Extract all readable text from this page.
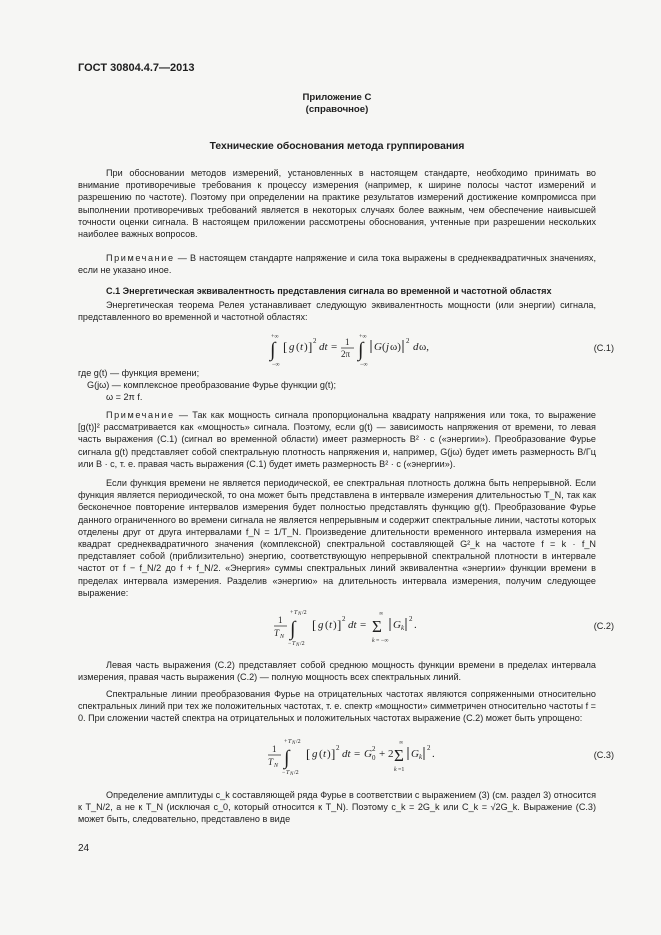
ГОСТ 30804.4.7—2013
Приложение С
(справочное)
Технические обоснования метода группирования
При обосновании методов измерений, установленных в настоящем стандарте, необходимо принимать во внимание противоречивые требования к процессу измерения (например, к ширине полосы частот измерений и разрешению по частоте). Поэтому при определении на практике результатов измерений достижение компромисса при выполнении противоречивых требований является в некоторых случаях более важным, чем обеспечение наивысшей точности оценки сигнала. В настоящем приложении рассмотрены обоснования, учтенные при разрешении нескольких наиболее важных вопросов.
Примечание — В настоящем стандарте напряжение и сила тока выражены в среднеквадратичных значениях, если не указано иное.
С.1 Энергетическая эквивалентность представления сигнала во временной и частотной областях
Энергетическая теорема Релея устанавливает следующую эквивалентность мощности (или энергии) сигнала, представленного во временной и частотной областях:
+∞
∫
−∞
[ g ( t ) ] 2 dt = 1
2π
+∞
∫
−∞
G ( j ω) 2 d ω,	(С.1)
где g(t) — функция времени;
G(jω) — комплексное преобразование Фурье функции g(t);
ω = 2π f.
Примечание — Так как мощность сигнала пропорциональна квадрату напряжения или тока, то выражение [g(t)]² рассматривается как «мощность» сигнала. Поэтому, если g(t) — зависимость напряжения от времени, то левая часть выражения (С.1) (сигнал во временной области) имеет размерность В² · с («энергии»). Преобразование Фурье сигнала g(t) представляет собой спектральную плотность напряжения и, например, G(jω) будет иметь размерность В/Гц или В · с, т. е. правая часть выражения (С.1) будет иметь размерность В² · с («энергии»).
Если функция времени не является периодической, ее спектральная плотность должна быть непрерывной. Если функция является периодической, то она может быть представлена в интервале измерения длительностью T_N, так как бесконечное повторение интервалов измерения будет полностью представлять функцию g(t). Преобразование Фурье данного ограниченного во времени сигнала не является непрерывным и содержит спектральные линии, частоты которых отделены друг от друга интервалами f_N = 1/T_N. Произведение длительности временного интервала измерения на квадрат среднеквадратичного значения (комплексной) спектральной составляющей G²_k на частоте f = k · f_N представляет собой (приблизительно) энергию, соответствующую непрерывной спектральной плотности в интервале частот от f − f_N/2 до f + f_N/2. «Энергия» суммы спектральных линий эквивалентна «энергии» функции времени в пределах интервала измерения. Разделив «энергию» на длительность интервала измерения, получим следующее выражение:
1
T N
+ T N /2
∫
− T N /2
[ g ( t ) ] 2 dt =
∞
Σ
k = −∞
G k
2 .	(С.2)
Левая часть выражения (С.2) представляет собой среднюю мощность функции времени в пределах интервала измерения, правая часть выражения (С.2) — полную мощность всех спектральных линий.
Спектральные линии преобразования Фурье на отрицательных частотах являются сопряженными относительно спектральных линий при тех же положительных частотах, т. е. спектр «мощности» симметричен относительно частоты f = 0. При сложении частей спектра на отрицательных и положительных частотах выражение (С.2) может быть упрощено:
1
T N
+ T N /2
∫
− T N /2
[ g ( t ) ] 2 dt = G 0
2 + 2
∞
Σ
k =1
G k
2 .	(С.3)
Определение амплитуды c_k составляющей ряда Фурье в соответствии с выражением (3) (см. раздел 3) относится к T_N/2, а не к T_N (исключая c_0, который относится к T_N). Поэтому c_k = 2G_k или C_k = √2G_k. Выражение (С.3) может быть, следовательно, представлено в виде
24
